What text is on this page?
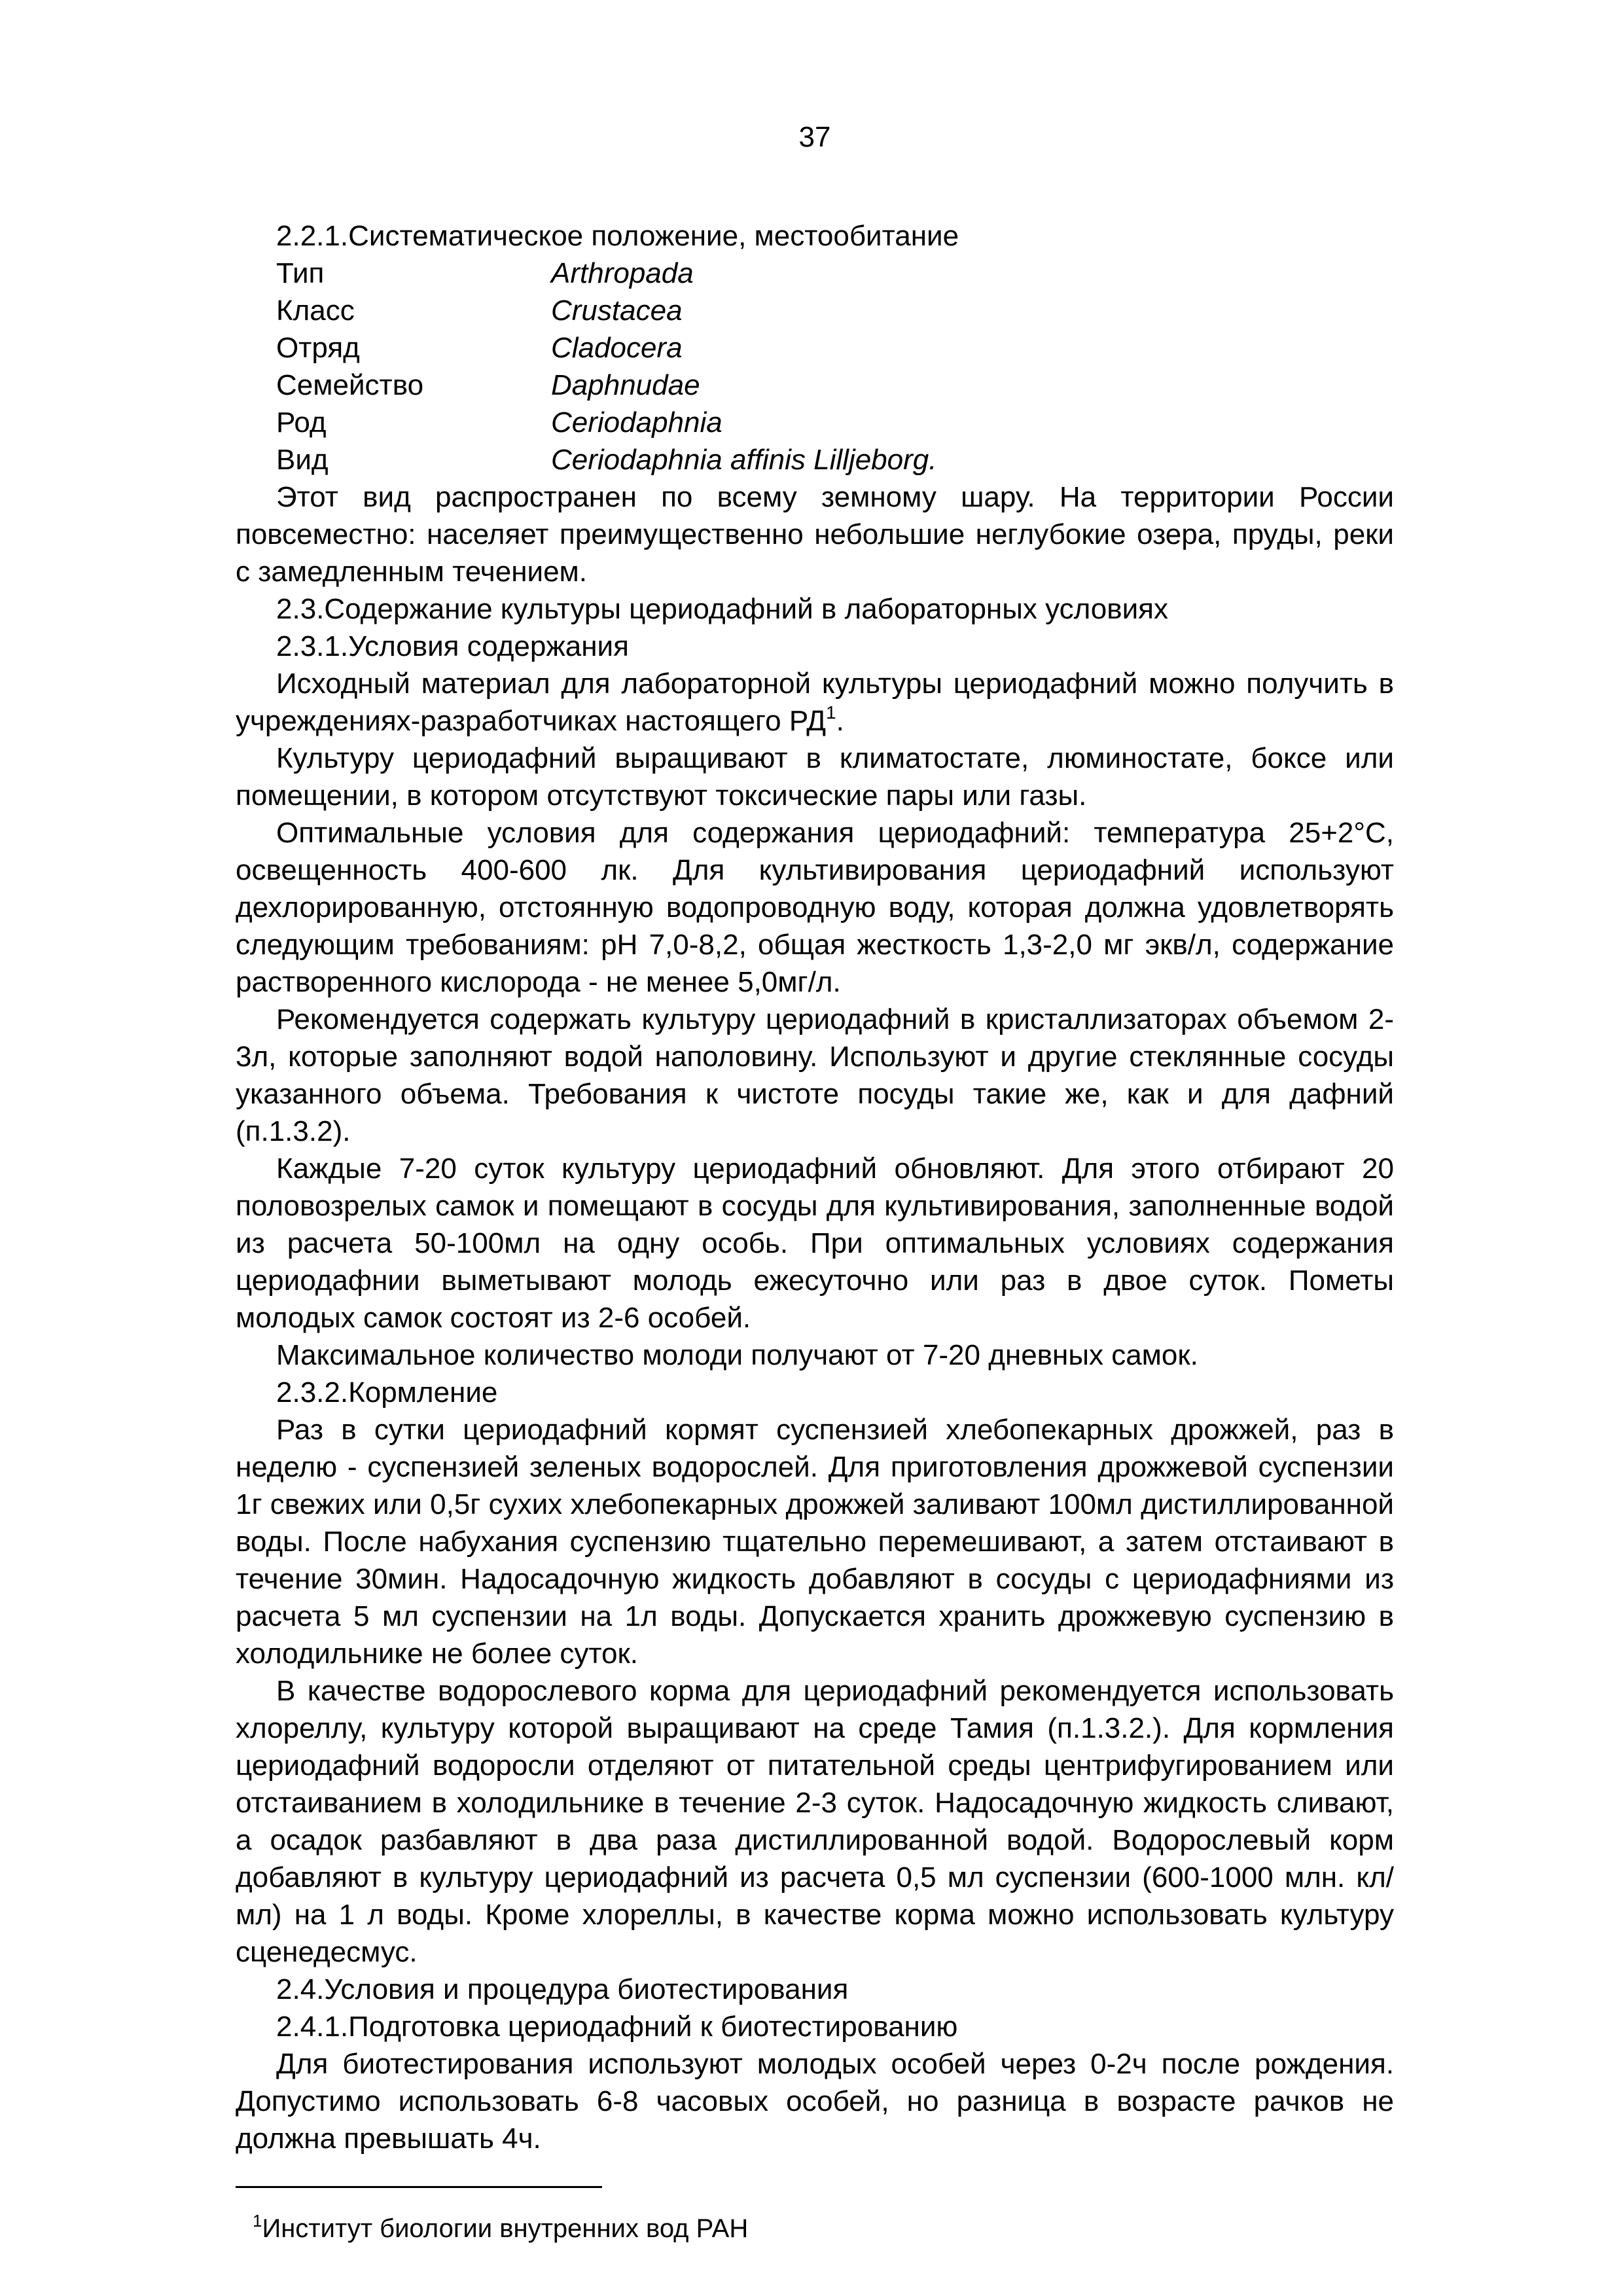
37

2.2.1.Систематическое положение, местообитание

Тип	Arthropada
Класс	Crustacea
Отряд	Cladocera
Семейство	Daphnudae
Род	Ceriodaphnia
Вид	Ceriodaphnia affinis Lilljeborg.

Этот вид распространен по всему земному шару. На территории России повсеместно: населяет преимущественно небольшие неглубокие озера, пруды, реки с замедленным течением.

2.3.Содержание культуры цериодафний в лабораторных условиях

2.3.1.Условия содержания

Исходный материал для лабораторной культуры цериодафний можно получить в учреждениях-разработчиках настоящего $РД^1$.

Культуру цериодафний выращивают в климатостате, люминостате, боксе или помещении, в котором отсутствуют токсические пары или газы.

Оптимальные условия для содержания цериодафний: температура 25+2°С, освещенность 400-600 лк. Для культивирования цериодафний используют дехлорированную, отстоянную водопроводную воду, которая должна удовлетворять следующим требованиям: рН 7,0-8,2, общая жесткость 1,3-2,0 мг экв/л, содержание растворенного кислорода - не менее 5,0мг/л.

Рекомендуется содержать культуру цериодафний в кристаллизаторах объемом 2-3л, которые заполняют водой наполовину. Используют и другие стеклянные сосуды указанного объема. Требования к чистоте посуды такие же, как и для дафний (п.1.3.2).

Каждые 7-20 суток культуру цериодафний обновляют. Для этого отбирают 20 половозрелых самок и помещают в сосуды для культивирования, заполненные водой из расчета 50-100мл на одну особь. При оптимальных условиях содержания цериодафнии выметывают молодь ежесуточно или раз в двое суток. Пометы молодых самок состоят из 2-6 особей.

Максимальное количество молоди получают от 7-20 дневных самок.

2.3.2.Кормление

Раз в сутки цериодафний кормят суспензией хлебопекарных дрожжей, раз в неделю - суспензией зеленых водорослей. Для приготовления дрожжевой суспензии 1г свежих или 0,5г сухих хлебопекарных дрожжей заливают 100мл дистиллированной воды. После набухания суспензию тщательно перемешивают, а затем отстаивают в течение 30мин. Надосадочную жидкость добавляют в сосуды с цериодафниями из расчета 5 мл суспензии на 1л воды. Допускается хранить дрожжевую суспензию в холодильнике не более суток.

В качестве водорослевого корма для цериодафний рекомендуется использовать хлореллу, культуру которой выращивают на среде Тамия (п.1.3.2.). Для кормления цериодафний водоросли отделяют от питательной среды центрифугированием или отстаиванием в холодильнике в течение 2-3 суток. Надосадочную жидкость сливают, а осадок разбавляют в два раза дистиллированной водой. Водорослевый корм добавляют в культуру цериодафний из расчета 0,5 мл суспензии (600-1000 млн. кл/мл) на 1 л воды. Кроме хлореллы, в качестве корма можно использовать культуру сценедесмус.

2.4.Условия и процедура биотестирования

2.4.1.Подготовка цериодафний к биотестированию

Для биотестирования используют молодых особей через 0-2ч после рождения. Допустимо использовать 6-8 часовых особей, но разница в возрасте рачков не должна превышать 4ч.

$^1$Институт биологии внутренних вод РАН
